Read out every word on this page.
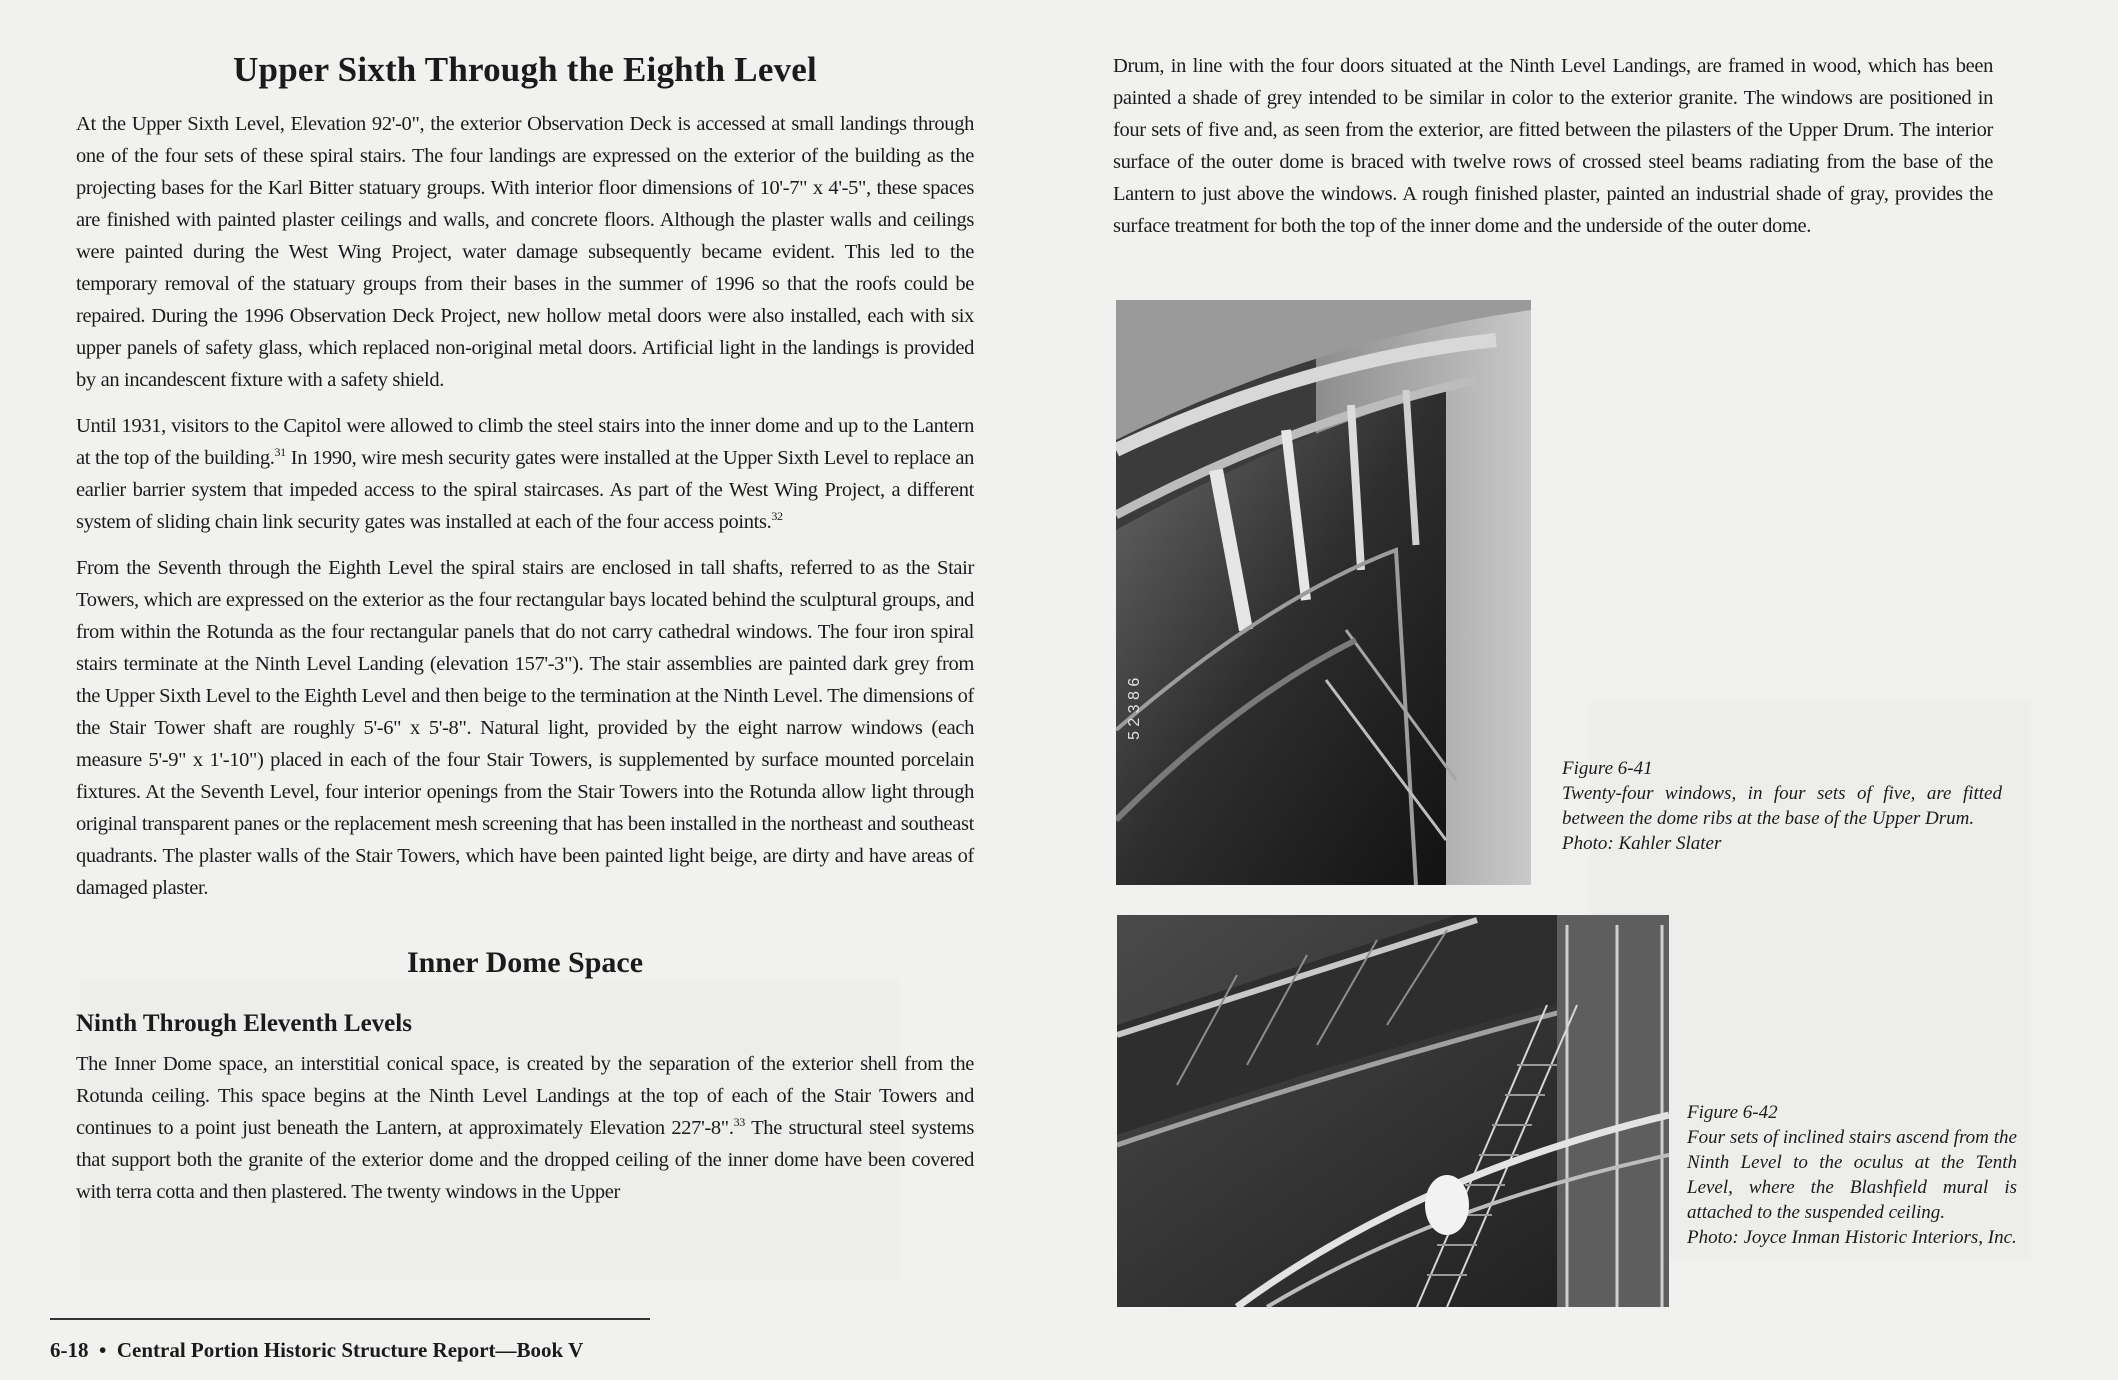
Upper Sixth Through the Eighth Level

At the Upper Sixth Level, Elevation 92'-0", the exterior Observation Deck is accessed at small landings through one of the four sets of these spiral stairs. The four landings are expressed on the exterior of the building as the projecting bases for the Karl Bitter statuary groups. With interior floor dimensions of 10'-7" x 4'-5", these spaces are finished with painted plaster ceilings and walls, and concrete floors. Although the plaster walls and ceilings were painted during the West Wing Project, water damage subsequently became evident. This led to the temporary removal of the statuary groups from their bases in the summer of 1996 so that the roofs could be repaired. During the 1996 Observation Deck Project, new hollow metal doors were also installed, each with six upper panels of safety glass, which replaced non-original metal doors. Artificial light in the landings is provided by an incandescent fixture with a safety shield.

Until 1931, visitors to the Capitol were allowed to climb the steel stairs into the inner dome and up to the Lantern at the top of the building.$^{31}$ In 1990, wire mesh security gates were installed at the Upper Sixth Level to replace an earlier barrier system that impeded access to the spiral staircases. As part of the West Wing Project, a different system of sliding chain link security gates was installed at each of the four access points.$^{32}$

From the Seventh through the Eighth Level the spiral stairs are enclosed in tall shafts, referred to as the Stair Towers, which are expressed on the exterior as the four rectangular bays located behind the sculptural groups, and from within the Rotunda as the four rectangular panels that do not carry cathedral windows. The four iron spiral stairs terminate at the Ninth Level Landing (elevation 157'-3"). The stair assemblies are painted dark grey from the Upper Sixth Level to the Eighth Level and then beige to the termination at the Ninth Level. The dimensions of the Stair Tower shaft are roughly 5'-6" x 5'-8". Natural light, provided by the eight narrow windows (each measure 5'-9" x 1'-10") placed in each of the four Stair Towers, is supplemented by surface mounted porcelain fixtures. At the Seventh Level, four interior openings from the Stair Towers into the Rotunda allow light through original transparent panes or the replacement mesh screening that has been installed in the northeast and southeast quadrants. The plaster walls of the Stair Towers, which have been painted light beige, are dirty and have areas of damaged plaster.

Inner Dome Space
Ninth Through Eleventh Levels

The Inner Dome space, an interstitial conical space, is created by the separation of the exterior shell from the Rotunda ceiling. This space begins at the Ninth Level Landings at the top of each of the Stair Towers and continues to a point just beneath the Lantern, at approximately Elevation 227'-8".$^{33}$ The structural steel systems that support both the granite of the exterior dome and the dropped ceiling of the inner dome have been covered with terra cotta and then plastered. The twenty windows in the Upper

Drum, in line with the four doors situated at the Ninth Level Landings, are framed in wood, which has been painted a shade of grey intended to be similar in color to the exterior granite. The windows are positioned in four sets of five and, as seen from the exterior, are fitted between the pilasters of the Upper Drum. The interior surface of the outer dome is braced with twelve rows of crossed steel beams radiating from the base of the Lantern to just above the windows. A rough finished plaster, painted an industrial shade of gray, provides the surface treatment for both the top of the inner dome and the underside of the outer dome.

5 2 3 8 6
Figure 6-41
Twenty-four windows, in four sets of five, are fitted between the dome ribs at the base of the Upper Drum.
Photo: Kahler Slater
Figure 6-42
Four sets of inclined stairs ascend from the Ninth Level to the oculus at the Tenth Level, where the Blashfield mural is attached to the suspended ceiling.
Photo: Joyce Inman Historic Interiors, Inc.
6-18  •  Central Portion Historic Structure Report—Book V
